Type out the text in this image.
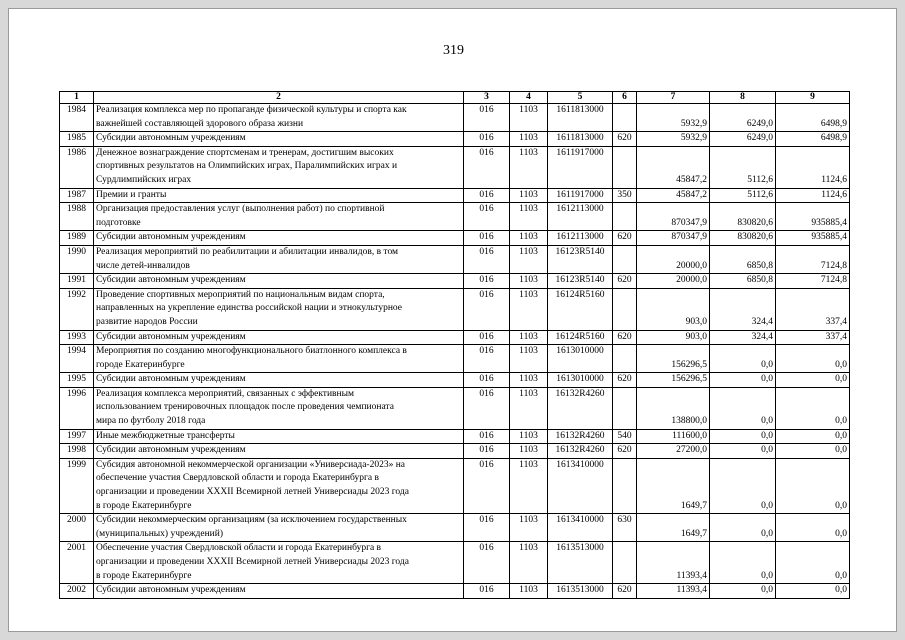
319
1	2	3	4	5	6	7	8	9
1984	Реализация комплекса мер по пропаганде физической культуры и спорта как
важнейшей составляющей здорового образа жизни	016	1103	1611813000		5932,9	6249,0	6498,9
1985	Субсидии автономным учреждениям	016	1103	1611813000	620	5932,9	6249,0	6498,9
1986	Денежное вознаграждение спортсменам и тренерам, достигшим высоких
спортивных результатов на Олимпийских играх, Паралимпийских играх и
Сурдлимпийских играх	016	1103	1611917000		45847,2	5112,6	1124,6
1987	Премии и гранты	016	1103	1611917000	350	45847,2	5112,6	1124,6
1988	Организация предоставления услуг (выполнения работ) по спортивной
подготовке	016	1103	1612113000		870347,9	830820,6	935885,4
1989	Субсидии автономным учреждениям	016	1103	1612113000	620	870347,9	830820,6	935885,4
1990	Реализация мероприятий по реабилитации и абилитации инвалидов, в том
числе детей-инвалидов	016	1103	16123R5140		20000,0	6850,8	7124,8
1991	Субсидии автономным учреждениям	016	1103	16123R5140	620	20000,0	6850,8	7124,8
1992	Проведение спортивных мероприятий по национальным видам спорта,
направленных на укрепление единства российской нации и этнокультурное
развитие народов России	016	1103	16124R5160		903,0	324,4	337,4
1993	Субсидии автономным учреждениям	016	1103	16124R5160	620	903,0	324,4	337,4
1994	Мероприятия по созданию многофункционального биатлонного комплекса в
городе Екатеринбурге	016	1103	1613010000		156296,5	0,0	0,0
1995	Субсидии автономным учреждениям	016	1103	1613010000	620	156296,5	0,0	0,0
1996	Реализация комплекса мероприятий, связанных с эффективным
использованием тренировочных площадок после проведения чемпионата
мира по футболу 2018 года	016	1103	16132R4260		138800,0	0,0	0,0
1997	Иные межбюджетные трансферты	016	1103	16132R4260	540	111600,0	0,0	0,0
1998	Субсидии автономным учреждениям	016	1103	16132R4260	620	27200,0	0,0	0,0
1999	Субсидия автономной некоммерческой организации «Универсиада-2023» на
обеспечение участия Свердловской области и города Екатеринбурга в
организации и проведении XXXII Всемирной летней Универсиады 2023 года
в городе Екатеринбурге	016	1103	1613410000		1649,7	0,0	0,0
2000	Субсидии некоммерческим организациям (за исключением государственных
(муниципальных) учреждений)	016	1103	1613410000	630	1649,7	0,0	0,0
2001	Обеспечение участия Свердловской области и города Екатеринбурга в
организации и проведении XXXII Всемирной летней Универсиады 2023 года
в городе Екатеринбурге	016	1103	1613513000		11393,4	0,0	0,0
2002	Субсидии автономным учреждениям	016	1103	1613513000	620	11393,4	0,0	0,0
